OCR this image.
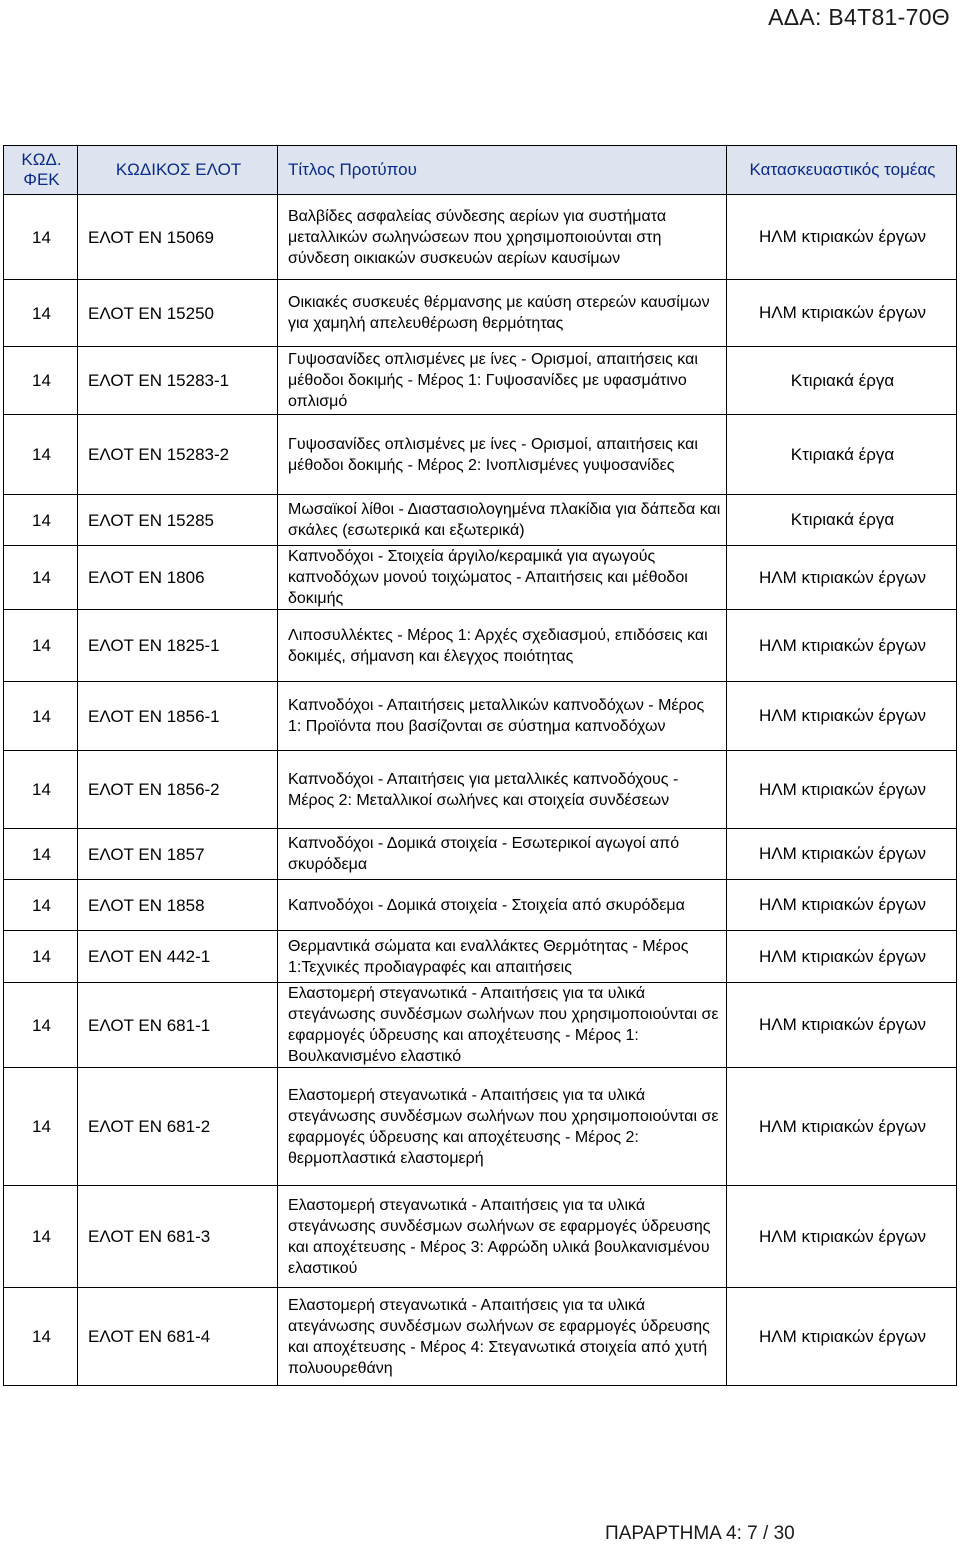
ΑΔΑ: Β4Τ81-70Θ
ΚΩΔ. ΦΕΚ	ΚΩΔΙΚΟΣ ΕΛΟΤ	Τίτλος Προτύπου	Κατασκευαστικός τομέας
14	ΕΛΟΤ EN 15069	Βαλβίδες ασφαλείας σύνδεσης αερίων για συστήματα μεταλλικών σωληνώσεων που χρησιμοποιούνται στη σύνδεση οικιακών συσκευών αερίων καυσίμων	ΗΛΜ κτιριακών έργων
14	ΕΛΟΤ EN 15250	Οικιακές συσκευές θέρμανσης με καύση στερεών καυσίμων για χαμηλή απελευθέρωση θερμότητας	ΗΛΜ κτιριακών έργων
14	ΕΛΟΤ EN 15283-1	Γυψοσανίδες οπλισμένες με ίνες - Ορισμοί, απαιτήσεις και μέθοδοι δοκιμής - Μέρος 1: Γυψοσανίδες με υφασμάτινο οπλισμό	Κτιριακά έργα
14	ΕΛΟΤ EN 15283-2	Γυψοσανίδες οπλισμένες με ίνες - Ορισμοί, απαιτήσεις και μέθοδοι δοκιμής - Μέρος 2: Ινοπλισμένες γυψοσανίδες	Κτιριακά έργα
14	ΕΛΟΤ EN 15285	Μωσαϊκοί λίθοι - Διαστασιολογημένα πλακίδια για δάπεδα και σκάλες (εσωτερικά και εξωτερικά)	Κτιριακά έργα
14	ΕΛΟΤ EN 1806	Καπνοδόχοι - Στοιχεία άργιλο/κεραμικά για αγωγούς καπνοδόχων μονού τοιχώματος - Απαιτήσεις και μέθοδοι δοκιμής	ΗΛΜ κτιριακών έργων
14	ΕΛΟΤ EN 1825-1	Λιποσυλλέκτες - Μέρος 1: Αρχές σχεδιασμού, επιδόσεις και δοκιμές, σήμανση και έλεγχος ποιότητας	ΗΛΜ κτιριακών έργων
14	ΕΛΟΤ EN 1856-1	Καπνοδόχοι - Απαιτήσεις μεταλλικών καπνοδόχων - Μέρος 1: Προϊόντα που βασίζονται σε σύστημα καπνοδόχων	ΗΛΜ κτιριακών έργων
14	ΕΛΟΤ EN 1856-2	Καπνοδόχοι - Απαιτήσεις για μεταλλικές καπνοδόχους - Μέρος 2: Μεταλλικοί σωλήνες και στοιχεία συνδέσεων	ΗΛΜ κτιριακών έργων
14	ΕΛΟΤ EN 1857	Καπνοδόχοι - Δομικά στοιχεία - Εσωτερικοί αγωγοί από σκυρόδεμα	ΗΛΜ κτιριακών έργων
14	ΕΛΟΤ EN 1858	Καπνοδόχοι - Δομικά στοιχεία - Στοιχεία από σκυρόδεμα	ΗΛΜ κτιριακών έργων
14	ΕΛΟΤ EN 442-1	Θερμαντικά σώματα και εναλλάκτες Θερμότητας - Μέρος 1:Τεχνικές προδιαγραφές και απαιτήσεις	ΗΛΜ κτιριακών έργων
14	ΕΛΟΤ EN 681-1	Ελαστομερή στεγανωτικά - Απαιτήσεις για τα υλικά στεγάνωσης συνδέσμων σωλήνων που χρησιμοποιούνται σε εφαρμογές ύδρευσης και αποχέτευσης - Μέρος 1: Βουλκανισμένο ελαστικό	ΗΛΜ κτιριακών έργων
14	ΕΛΟΤ EN 681-2	Ελαστομερή στεγανωτικά - Απαιτήσεις για τα υλικά στεγάνωσης συνδέσμων σωλήνων που χρησιμοποιούνται σε εφαρμογές ύδρευσης και αποχέτευσης - Μέρος 2: θερμοπλαστικά ελαστομερή	ΗΛΜ κτιριακών έργων
14	ΕΛΟΤ EN 681-3	Ελαστομερή στεγανωτικά - Απαιτήσεις για τα υλικά στεγάνωσης συνδέσμων σωλήνων σε εφαρμογές ύδρευσης και αποχέτευσης - Μέρος 3: Αφρώδη υλικά βουλκανισμένου ελαστικού	ΗΛΜ κτιριακών έργων
14	ΕΛΟΤ EN 681-4	Ελαστομερή στεγανωτικά - Απαιτήσεις για τα υλικά ατεγάνωσης συνδέσμων σωλήνων σε εφαρμογές ύδρευσης και αποχέτευσης - Μέρος 4: Στεγανωτικά στοιχεία από χυτή πολυουρεθάνη	ΗΛΜ κτιριακών έργων
ΠΑΡΑΡΤΗΜΑ 4: 7 / 30
